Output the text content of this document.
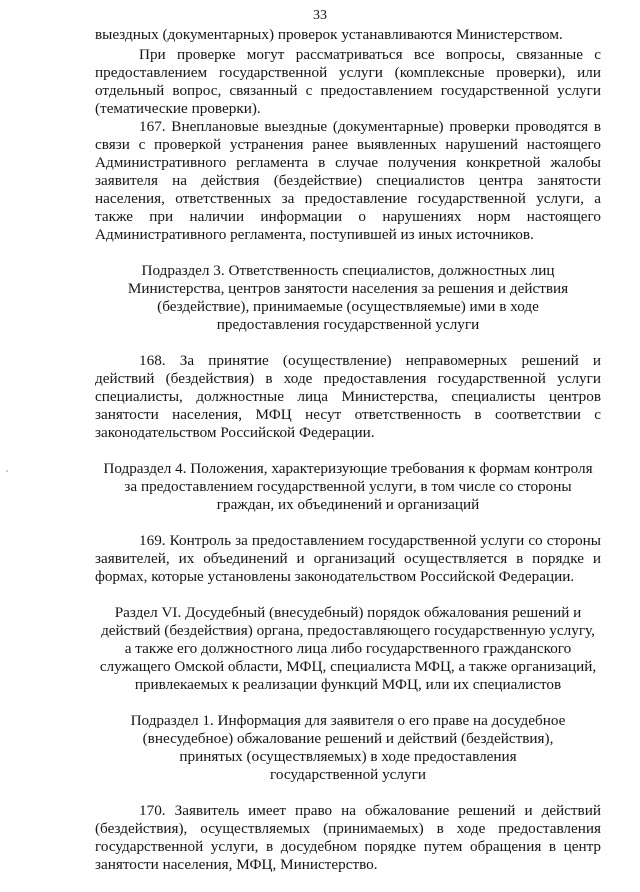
33

выездных (документарных) проверок устанавливаются Министерством.

При проверке могут рассматриваться все вопросы, связанные с предоставлением государственной услуги (комплексные проверки), или отдельный вопрос, связанный с предоставлением государственной услуги (тематические проверки).

167. Внеплановые выездные (документарные) проверки проводятся в связи с проверкой устранения ранее выявленных нарушений настоящего Административного регламента в случае получения конкретной жалобы заявителя на действия (бездействие) специалистов центра занятости населения, ответственных за предоставление государственной услуги, а также при наличии информации о нарушениях норм настоящего Административного регламента, поступившей из иных источников.

Подраздел 3. Ответственность специалистов, должностных лиц
Министерства, центров занятости населения за решения и действия
(бездействие), принимаемые (осуществляемые) ими в ходе
предоставления государственной услуги

168. За принятие (осуществление) неправомерных решений и действий (бездействия) в ходе предоставления государственной услуги специалисты, должностные лица Министерства, специалисты центров занятости населения, МФЦ несут ответственность в соответствии с законодательством Российской Федерации.

Подраздел 4. Положения, характеризующие требования к формам контроля
за предоставлением государственной услуги, в том числе со стороны
граждан, их объединений и организаций

169. Контроль за предоставлением государственной услуги со стороны заявителей, их объединений и организаций осуществляется в порядке и формах, которые установлены законодательством Российской Федерации.

Раздел VI. Досудебный (внесудебный) порядок обжалования решений и
действий (бездействия) органа, предоставляющего государственную услугу,
а также его должностного лица либо государственного гражданского
служащего Омской области, МФЦ, специалиста МФЦ, а также организаций,
привлекаемых к реализации функций МФЦ, или их специалистов
Подраздел 1. Информация для заявителя о его праве на досудебное
(внесудебное) обжалование решений и действий (бездействия),
принятых (осуществляемых) в ходе предоставления
государственной услуги

170. Заявитель имеет право на обжалование решений и действий (бездействия), осуществляемых (принимаемых) в ходе предоставления государственной услуги, в досудебном порядке путем обращения в центр занятости населения, МФЦ, Министерство.
